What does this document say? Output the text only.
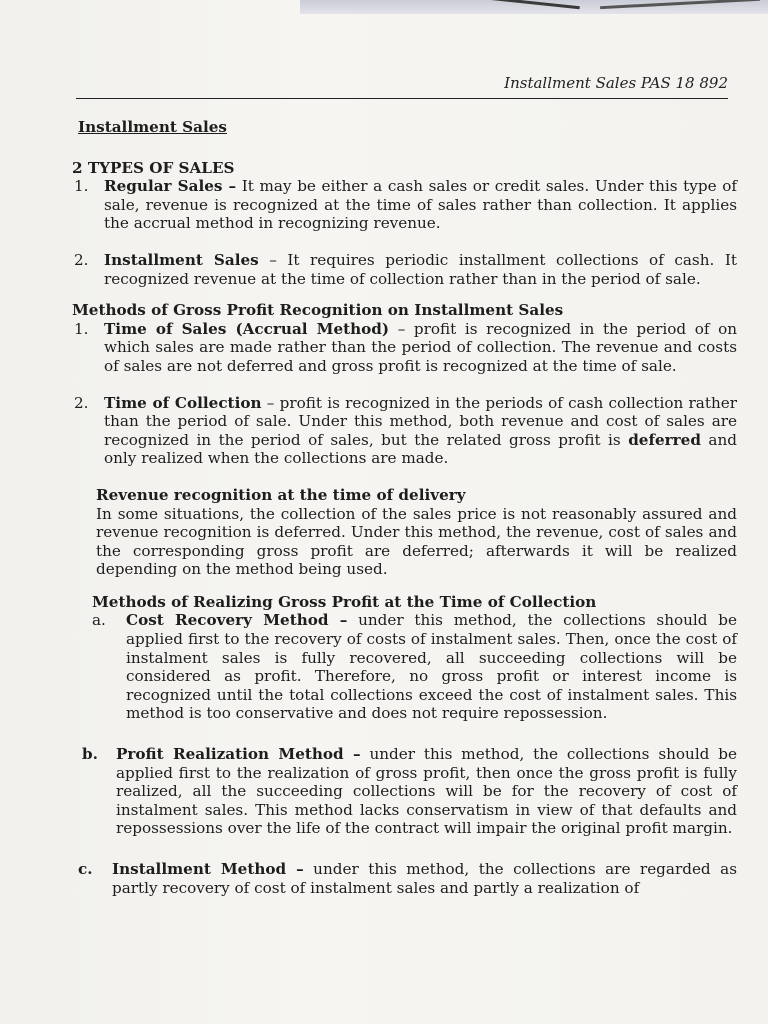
Installment Sales PAS 18 892
Installment Sales
2 TYPES OF SALES
1. Regular Sales – It may be either a cash sales or credit sales. Under this type of sale, revenue is recognized at the time of sales rather than collection. It applies the accrual method in recognizing revenue.
2. Installment Sales – It requires periodic installment collections of cash. It recognized revenue at the time of collection rather than in the period of sale.
Methods of Gross Profit Recognition on Installment Sales
1. Time of Sales (Accrual Method) – profit is recognized in the period of on which sales are made rather than the period of collection. The revenue and costs of sales are not deferred and gross profit is recognized at the time of sale.
2. Time of Collection – profit is recognized in the periods of cash collection rather than the period of sale. Under this method, both revenue and cost of sales are recognized in the period of sales, but the related gross profit is deferred and only realized when the collections are made.
Revenue recognition at the time of delivery
In some situations, the collection of the sales price is not reasonably assured and revenue recognition is deferred. Under this method, the revenue, cost of sales and the corresponding gross profit are deferred; afterwards it will be realized depending on the method being used.
Methods of Realizing Gross Profit at the Time of Collection
a. Cost Recovery Method – under this method, the collections should be applied first to the recovery of costs of instalment sales. Then, once the cost of instalment sales is fully recovered, all succeeding collections will be considered as profit. Therefore, no gross profit or interest income is recognized until the total collections exceed the cost of instalment sales. This method is too conservative and does not require repossession.
b. Profit Realization Method – under this method, the collections should be applied first to the realization of gross profit, then once the gross profit is fully realized, all the succeeding collections will be for the recovery of cost of instalment sales. This method lacks conservatism in view of that defaults and repossessions over the life of the contract will impair the original profit margin.
c. Installment Method – under this method, the collections are regarded as partly recovery of cost of instalment sales and partly a realization of
